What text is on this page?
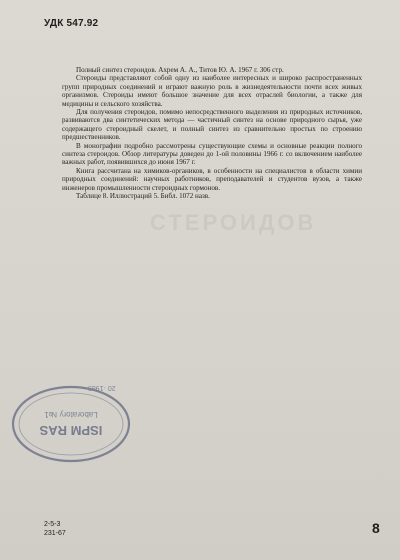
УДК 547.92

Полный синтез стероидов. Ахрем А. А., Титов Ю. А. 1967 г. 306 стр.

Стероиды представляют собой одну из наиболее интересных и широко распространенных групп природных соединений и играют важную роль в жизнедеятельности почти всех живых организмов. Стероиды имеют большое значение для всех отраслей биологии, а также для медицины и сельского хозяйства.

Для получения стероидов, помимо непосредственного выделения из природных источников, развиваются два синтетических метода — частичный синтез на основе природного сырья, уже содержащего стероидный скелет, и полный синтез из сравнительно простых по строению предшественников.

В монографии подробно рассмотрены существующие схемы и основные реакции полного синтеза стероидов. Обзор литературы доведен до 1-ой половины 1966 г. со включением наиболее важных работ, появившихся до июня 1967 г.

Книга рассчитана на химиков-органиков, в особенности на специалистов в области химии природных соединений: научных работников, преподавателей и студентов вузов, а также инженеров промышленности стероидных гормонов.

Таблице 8. Иллюстраций 5. Библ. 1072 назв.

СТЕРОИДОВ
ISPM RAS
Laboratory №1
20 ·1985
2-5-3
231-67	8
